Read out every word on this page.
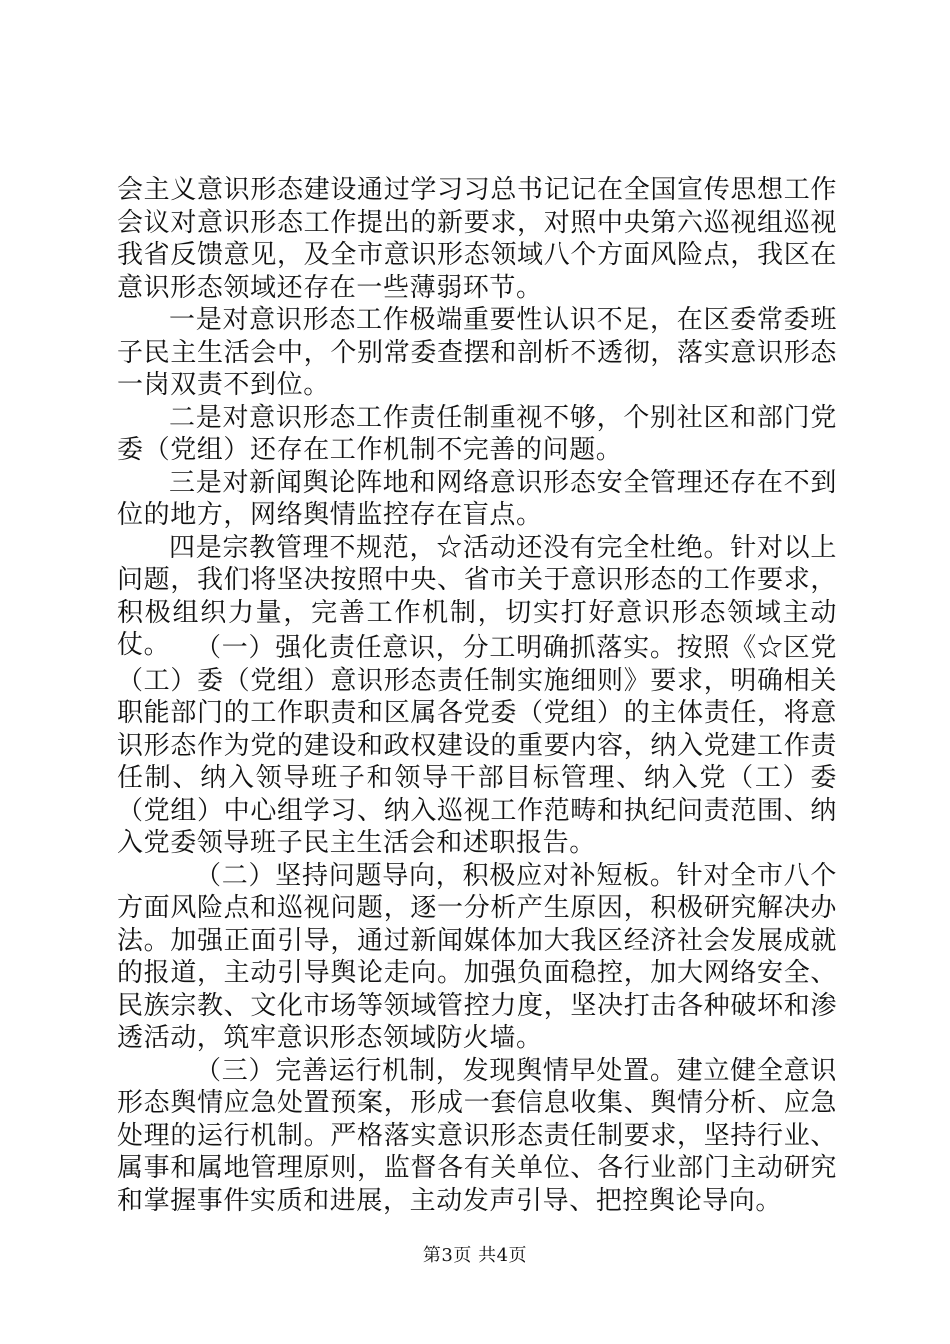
会主义意识形态建设通过学习习总书记记在全国宣传思想工作会议对意识形态工作提出的新要求，对照中央第六巡视组巡视我省反馈意见，及全市意识形态领域八个方面风险点，我区在意识形态领域还存在一些薄弱环节。

一是对意识形态工作极端重要性认识不足，在区委常委班子民主生活会中，个别常委查摆和剖析不透彻，落实意识形态一岗双责不到位。

二是对意识形态工作责任制重视不够，个别社区和部门党委（党组）还存在工作机制不完善的问题。

三是对新闻舆论阵地和网络意识形态安全管理还存在不到位的地方，网络舆情监控存在盲点。

四是宗教管理不规范，☆活动还没有完全杜绝。针对以上问题，我们将坚决按照中央、省市关于意识形态的工作要求，积极组织力量，完善工作机制，切实打好意识形态领域主动仗。 （一）强化责任意识，分工明确抓落实。按照《☆区党（工）委（党组）意识形态责任制实施细则》要求，明确相关职能部门的工作职责和区属各党委（党组）的主体责任，将意识形态作为党的建设和政权建设的重要内容，纳入党建工作责任制、纳入领导班子和领导干部目标管理、纳入党（工）委（党组）中心组学习、纳入巡视工作范畴和执纪问责范围、纳入党委领导班子民主生活会和述职报告。

（二）坚持问题导向，积极应对补短板。针对全市八个方面风险点和巡视问题，逐一分析产生原因，积极研究解决办法。加强正面引导，通过新闻媒体加大我区经济社会发展成就的报道，主动引导舆论走向。加强负面稳控，加大网络安全、民族宗教、文化市场等领域管控力度，坚决打击各种破坏和渗透活动，筑牢意识形态领域防火墙。

（三）完善运行机制，发现舆情早处置。建立健全意识形态舆情应急处置预案，形成一套信息收集、舆情分析、应急处理的运行机制。严格落实意识形态责任制要求，坚持行业、属事和属地管理原则，监督各有关单位、各行业部门主动研究和掌握事件实质和进展，主动发声引导、把控舆论导向。

第3页 共4页
